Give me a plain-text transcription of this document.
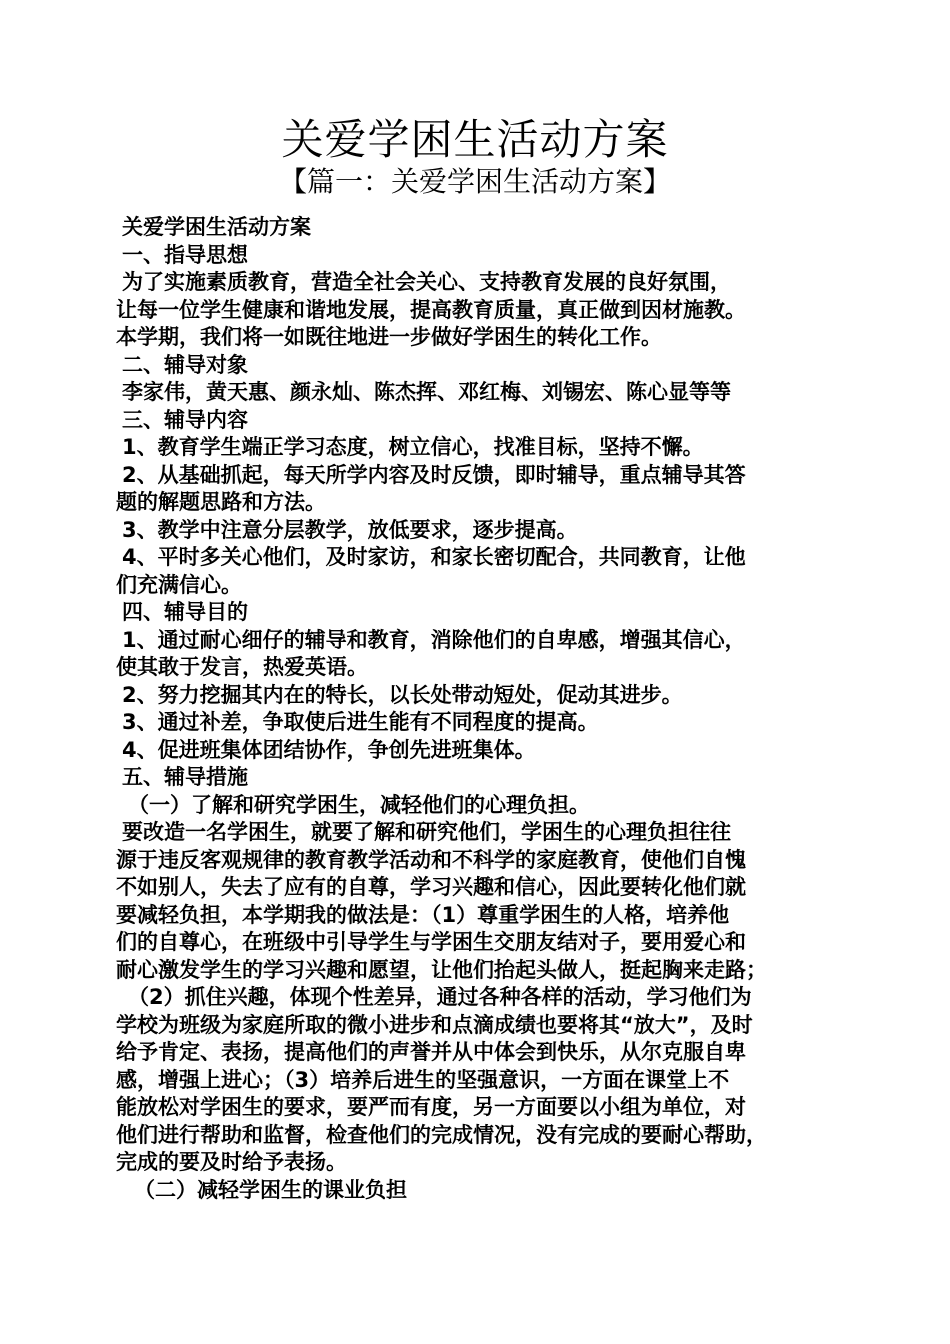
关爱学困生活动方案
【篇一：关爱学困生活动方案】
关爱学困生活动方案
一、指导思想
为了实施素质教育，营造全社会关心、支持教育发展的良好氛围，
让每一位学生健康和谐地发展，提高教育质量，真正做到因材施教。
本学期，我们将一如既往地进一步做好学困生的转化工作。
二、辅导对象
李家伟，黄天惠、颜永灿、陈杰挥、邓红梅、刘锡宏、陈心显等等
三、辅导内容
1、教育学生端正学习态度，树立信心，找准目标，坚持不懈。
2、从基础抓起，每天所学内容及时反馈，即时辅导，重点辅导其答
题的解题思路和方法。
3、教学中注意分层教学，放低要求，逐步提高。
4、平时多关心他们，及时家访，和家长密切配合，共同教育，让他
们充满信心。
四、辅导目的
1、通过耐心细仔的辅导和教育，消除他们的自卑感，增强其信心，
使其敢于发言，热爱英语。
2、努力挖掘其内在的特长，以长处带动短处，促动其进步。
3、通过补差，争取使后进生能有不同程度的提高。
4、促进班集体团结协作，争创先进班集体。
五、辅导措施
（一）了解和研究学困生，减轻他们的心理负担。
要改造一名学困生，就要了解和研究他们，学困生的心理负担往往
源于违反客观规律的教育教学活动和不科学的家庭教育，使他们自愧
不如别人，失去了应有的自尊，学习兴趣和信心，因此要转化他们就
要减轻负担，本学期我的做法是：（1）尊重学困生的人格，培养他
们的自尊心，在班级中引导学生与学困生交朋友结对子，要用爱心和
耐心激发学生的学习兴趣和愿望，让他们抬起头做人，挺起胸来走路；
（2）抓住兴趣，体现个性差异，通过各种各样的活动，学习他们为
学校为班级为家庭所取的微小进步和点滴成绩也要将其“放大”，及时
给予肯定、表扬，提高他们的声誉并从中体会到快乐，从尔克服自卑
感，增强上进心；（3）培养后进生的坚强意识，一方面在课堂上不
能放松对学困生的要求，要严而有度，另一方面要以小组为单位，对
他们进行帮助和监督，检查他们的完成情况，没有完成的要耐心帮助，
完成的要及时给予表扬。
（二）减轻学困生的课业负担
